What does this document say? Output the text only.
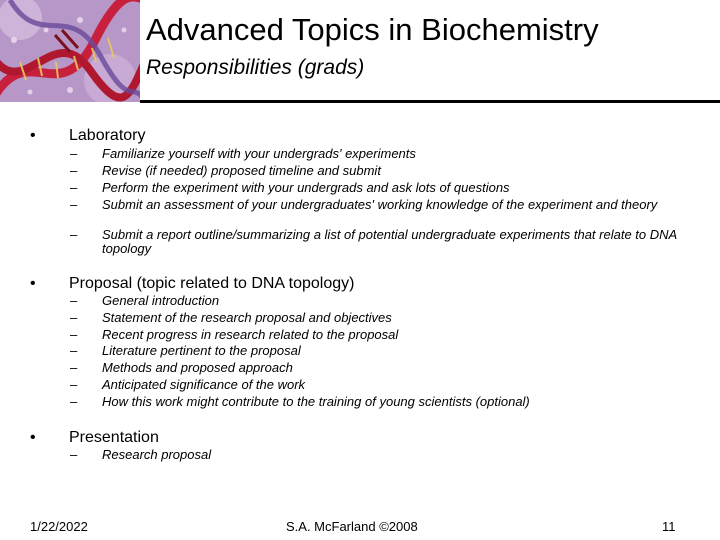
Advanced Topics in Biochemistry
Responsibilities (grads)
• Laboratory
– Familiarize yourself with your undergrads' experiments
– Revise (if needed) proposed timeline and submit
– Perform the experiment with your undergrads and ask lots of questions
– Submit an assessment of your undergraduates' working knowledge of the experiment and theory
– Submit a report outline/summarizing a list of potential undergraduate experiments that relate to DNA topology
• Proposal (topic related to DNA topology)
– General introduction
– Statement of the research proposal and objectives
– Recent progress in research related to the proposal
– Literature pertinent to the proposal
– Methods and proposed approach
– Anticipated significance of the work
– How this work might contribute to the training of young scientists (optional)
• Presentation
– Research proposal
1/22/2022	S.A. McFarland ©2008	11
